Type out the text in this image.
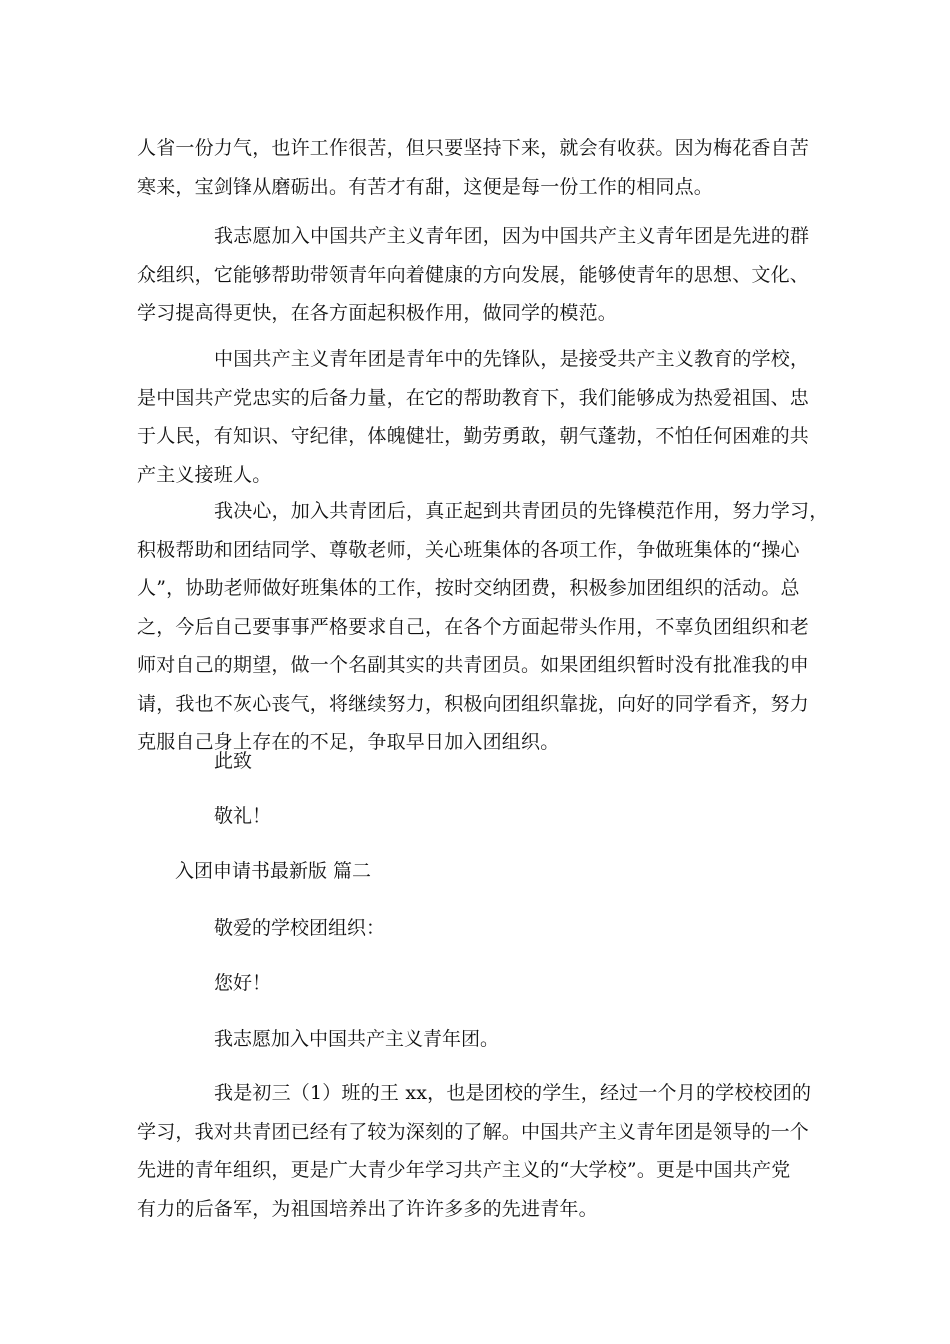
人省一份力气，也许工作很苦，但只要坚持下来，就会有收获。因为梅花香自苦
寒来，宝剑锋从磨砺出。有苦才有甜，这便是每一份工作的相同点。

我志愿加入中国共产主义青年团，因为中国共产主义青年团是先进的群
众组织，它能够帮助带领青年向着健康的方向发展，能够使青年的思想、文化、
学习提高得更快，在各方面起积极作用，做同学的模范。

中国共产主义青年团是青年中的先锋队，是接受共产主义教育的学校，
是中国共产党忠实的后备力量，在它的帮助教育下，我们能够成为热爱祖国、忠
于人民，有知识、守纪律，体魄健壮，勤劳勇敢，朝气蓬勃，不怕任何困难的共
产主义接班人。

我决心，加入共青团后，真正起到共青团员的先锋模范作用，努力学习，
积极帮助和团结同学、尊敬老师，关心班集体的各项工作，争做班集体的“操心
人”，协助老师做好班集体的工作，按时交纳团费，积极参加团组织的活动。总
之，今后自己要事事严格要求自己，在各个方面起带头作用，不辜负团组织和老
师对自己的期望，做一个名副其实的共青团员。如果团组织暂时没有批准我的申
请，我也不灰心丧气，将继续努力，积极向团组织靠拢，向好的同学看齐，努力
克服自己身上存在的不足，争取早日加入团组织。

此致

敬礼！

入团申请书最新版 篇二

敬爱的学校团组织：

您好！

我志愿加入中国共产主义青年团。

我是初三（1）班的王 xx，也是团校的学生，经过一个月的学校校团的
学习，我对共青团已经有了较为深刻的了解。中国共产主义青年团是领导的一个
先进的青年组织，更是广大青少年学习共产主义的“大学校”。更是中国共产党
有力的后备军，为祖国培养出了许许多多的先进青年。
